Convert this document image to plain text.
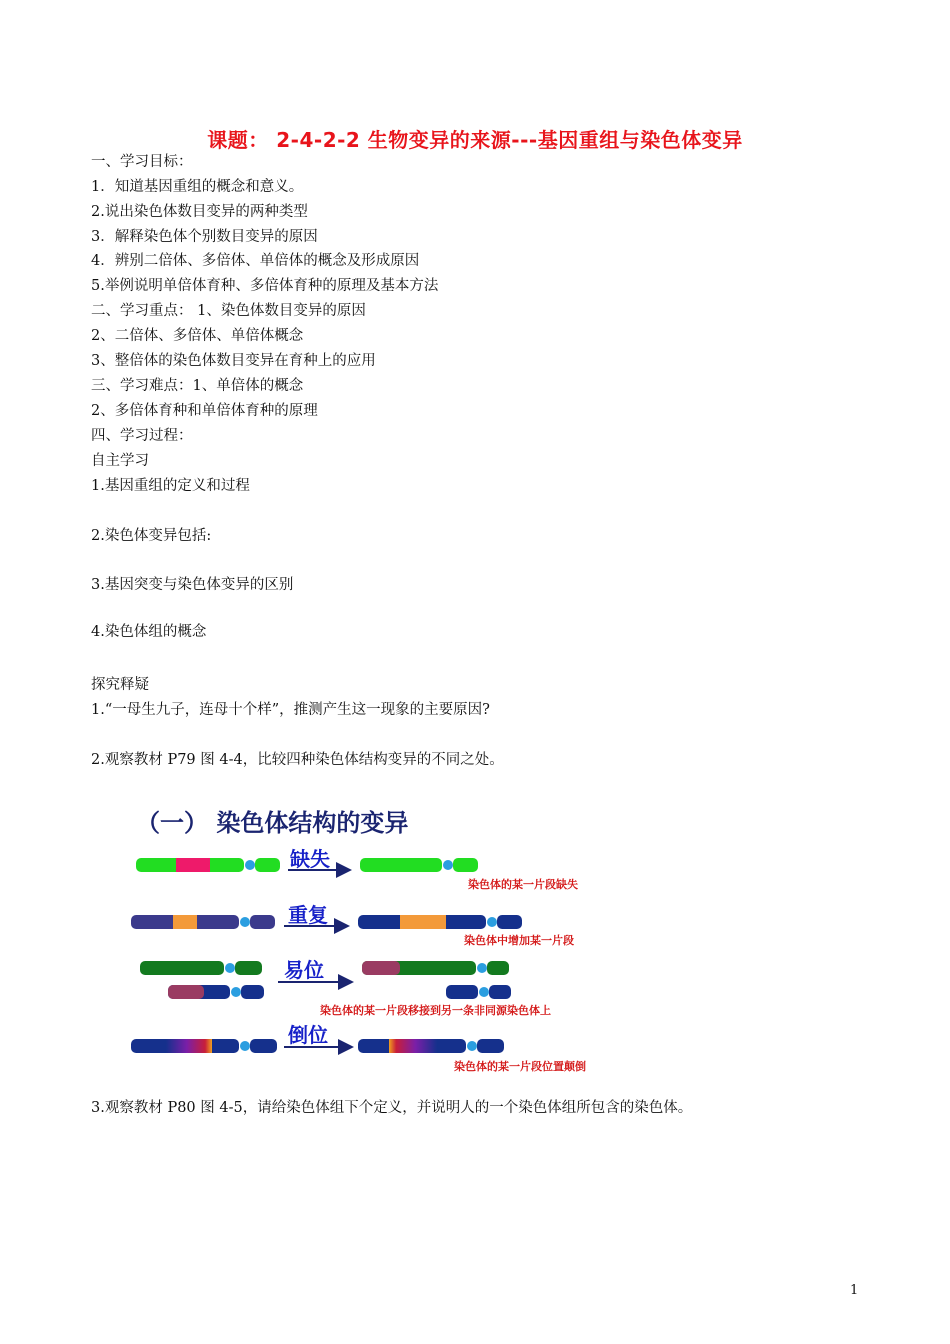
课题： 2-4-2-2 生物变异的来源---基因重组与染色体变异
一、学习目标：
1．知道基因重组的概念和意义。
2.说出染色体数目变异的两种类型
3．解释染色体个别数目变异的原因
4．辨别二倍体、多倍体、单倍体的概念及形成原因
5.举例说明单倍体育种、多倍体育种的原理及基本方法
二、学习重点： 1、染色体数目变异的原因
2、二倍体、多倍体、单倍体概念
3、整倍体的染色体数目变异在育种上的应用
三、学习难点：1、单倍体的概念
2、多倍体育种和单倍体育种的原理
四、学习过程：
自主学习
1.基因重组的定义和过程
2.染色体变异包括:
3.基因突变与染色体变异的区别
4.染色体组的概念
探究释疑
1.“一母生九子，连母十个样”，推测产生这一现象的主要原因?
2.观察教材 P79 图 4-4，比较四种染色体结构变异的不同之处。
（一） 染色体结构的变异
缺失
染色体的某一片段缺失
重复
染色体中增加某一片段
易位
染色体的某一片段移接到另一条非同源染色体上
倒位
染色体的某一片段位置颠倒
3.观察教材 P80 图 4-5，请给染色体组下个定义，并说明人的一个染色体组所包含的染色体。
1
